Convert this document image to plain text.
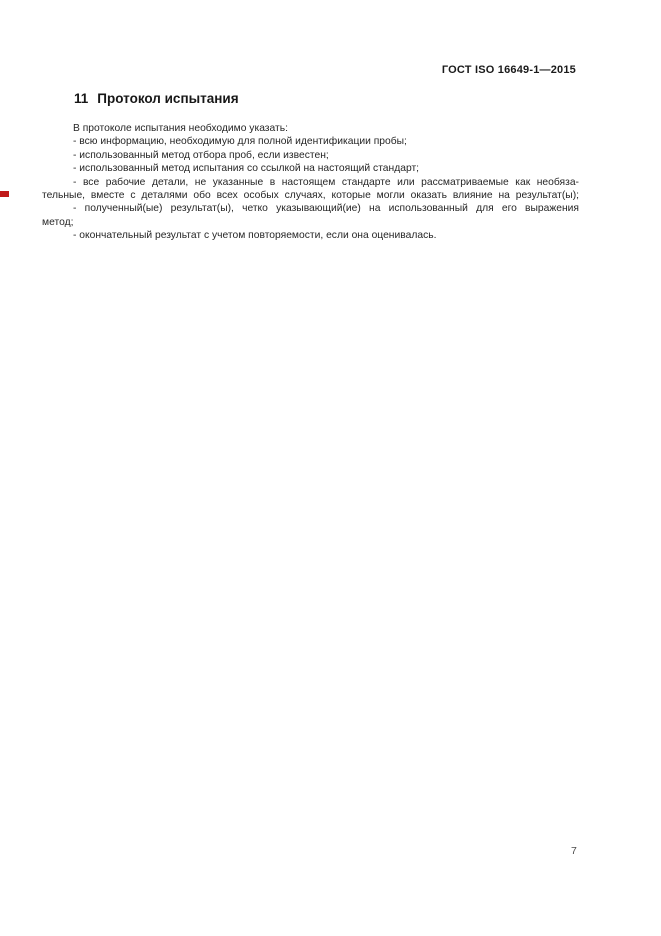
ГОСТ ISO 16649-1—2015
11 Протокол испытания
В протоколе испытания необходимо указать:
- всю информацию, необходимую для полной идентификации пробы;
- использованный метод отбора проб, если известен;
- использованный метод испытания со ссылкой на настоящий стандарт;
- все рабочие детали, не указанные в настоящем стандарте или рассматриваемые как необяза-
тельные, вместе с деталями обо всех особых случаях, которые могли оказать влияние на результат(ы);
- полученный(ые) результат(ы), четко указывающий(ие) на использованный для его выражения
метод;
- окончательный результат с учетом повторяемости, если она оценивалась.
7
